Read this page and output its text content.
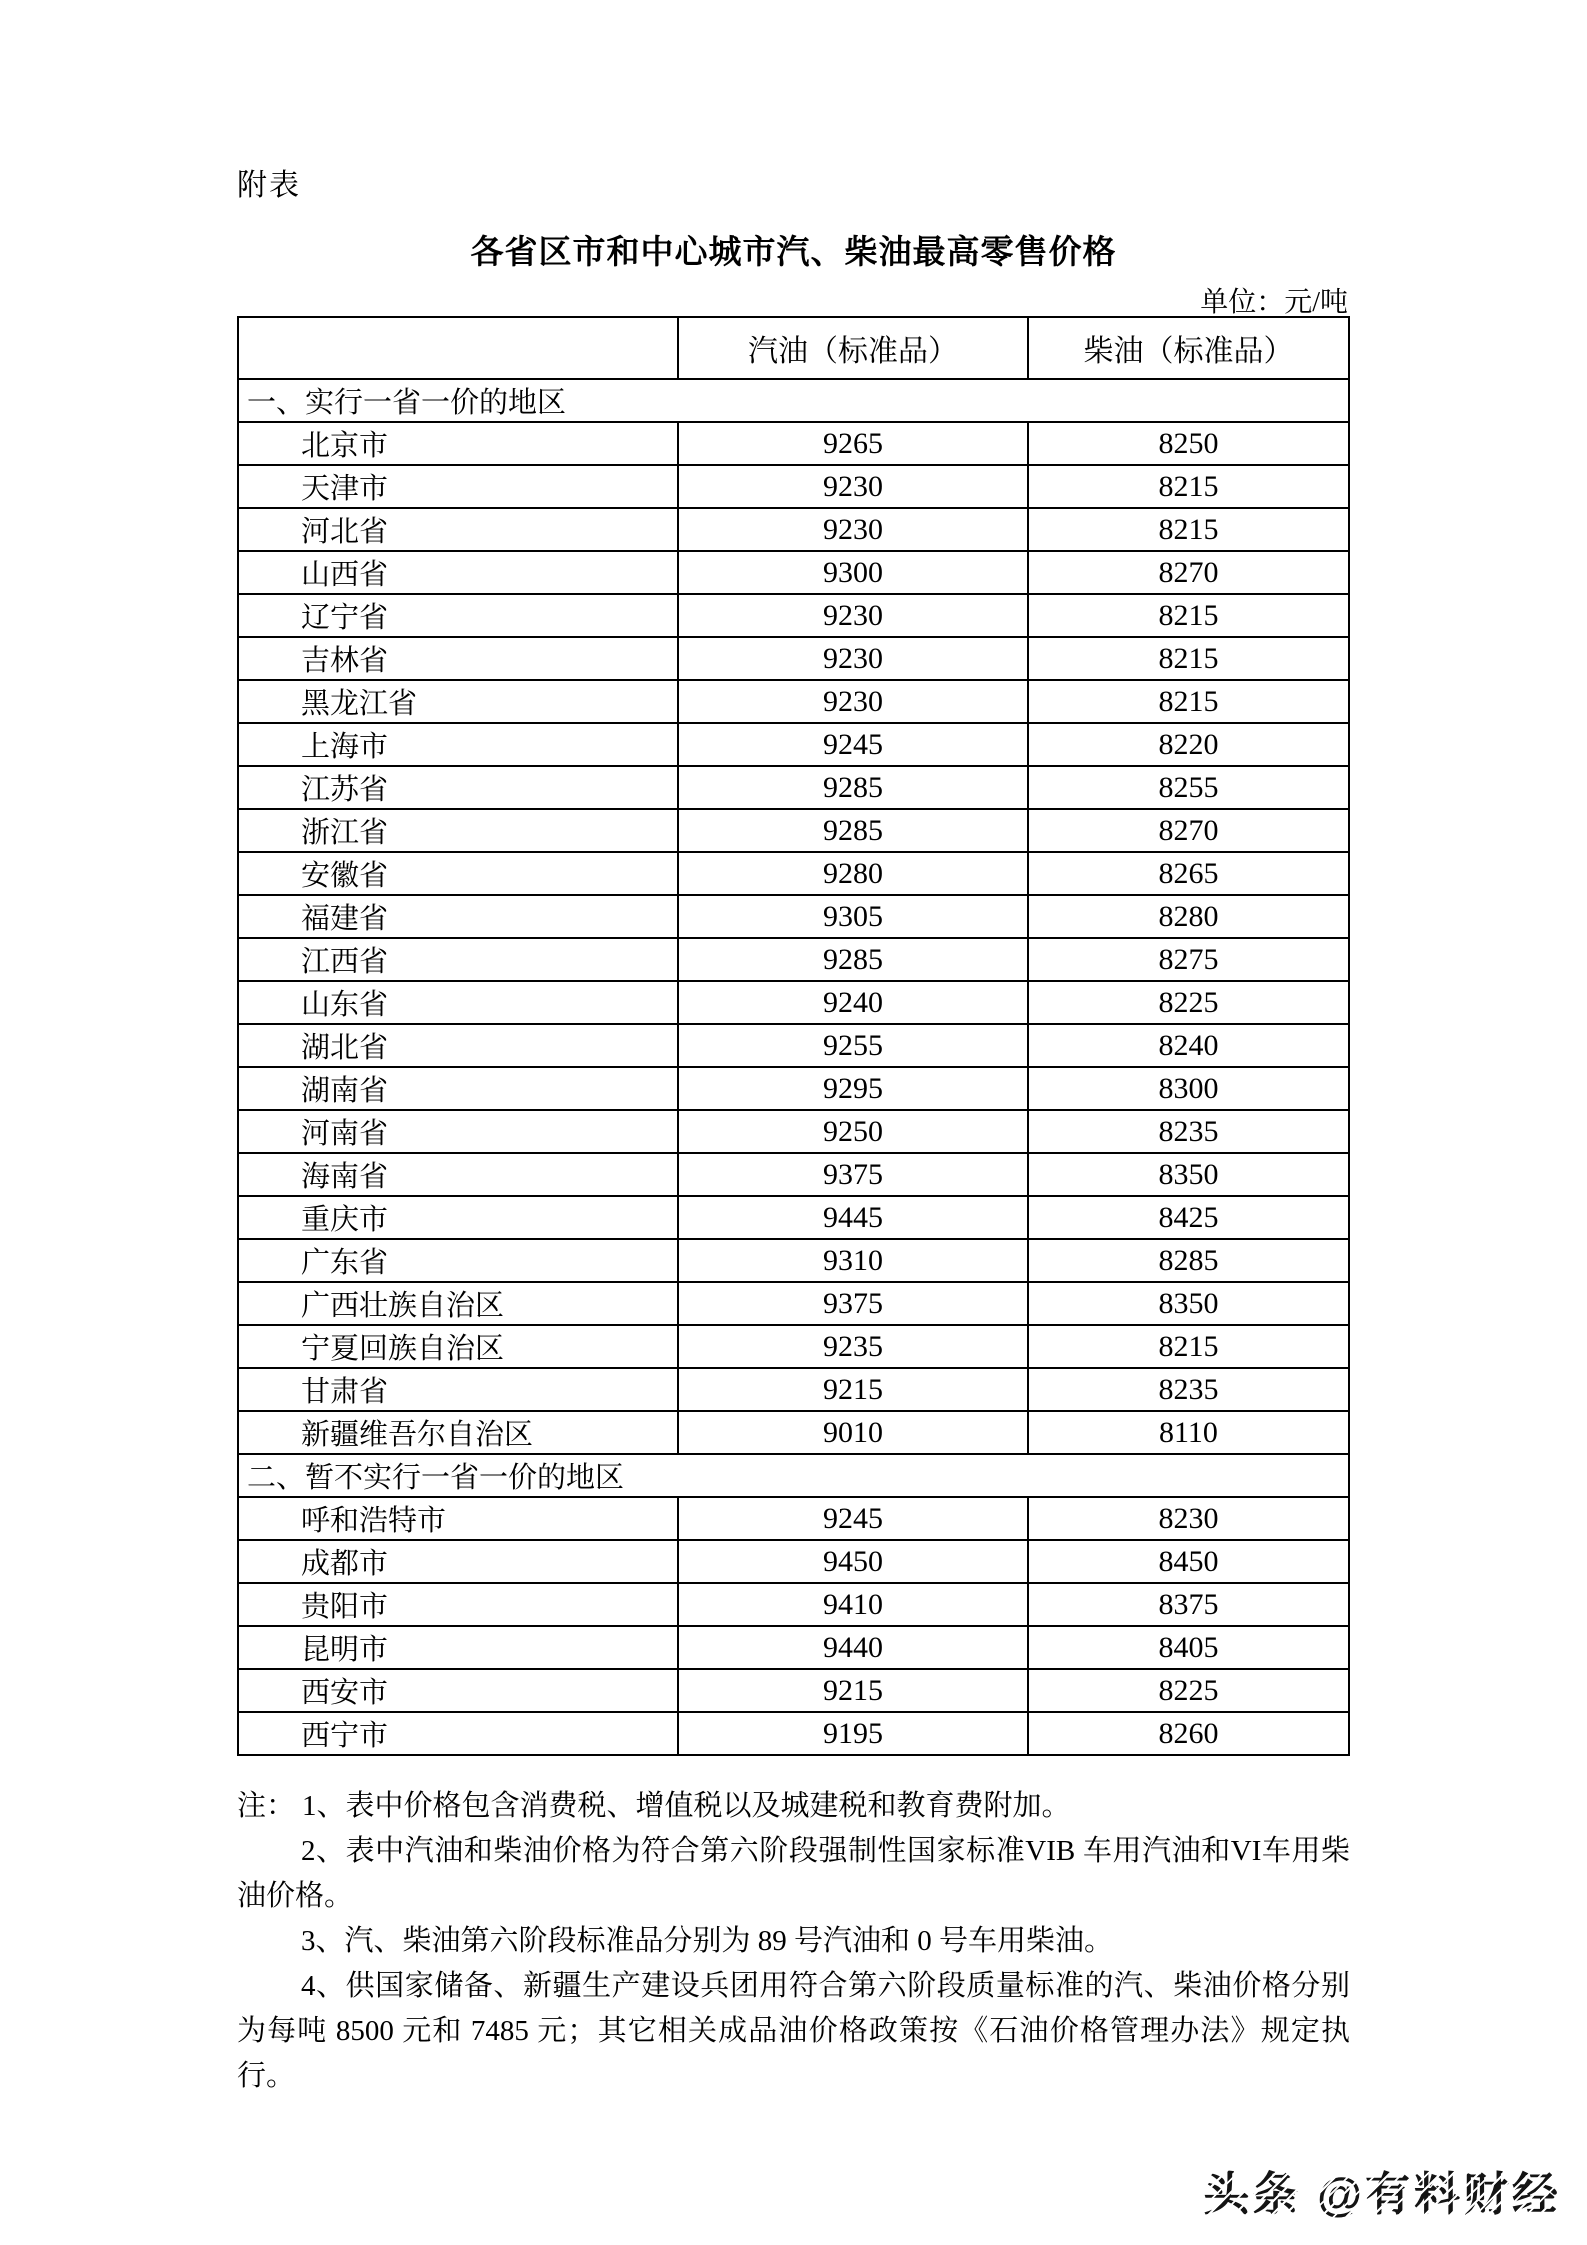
附表
各省区市和中心城市汽、柴油最高零售价格
单位：元/吨
	汽油（标准品）	柴油（标准品）
一、实行一省一价的地区		
北京市	9265	8250
天津市	9230	8215
河北省	9230	8215
山西省	9300	8270
辽宁省	9230	8215
吉林省	9230	8215
黑龙江省	9230	8215
上海市	9245	8220
江苏省	9285	8255
浙江省	9285	8270
安徽省	9280	8265
福建省	9305	8280
江西省	9285	8275
山东省	9240	8225
湖北省	9255	8240
湖南省	9295	8300
河南省	9250	8235
海南省	9375	8350
重庆市	9445	8425
广东省	9310	8285
广西壮族自治区	9375	8350
宁夏回族自治区	9235	8215
甘肃省	9215	8235
新疆维吾尔自治区	9010	8110
二、暂不实行一省一价的地区		
呼和浩特市	9245	8230
成都市	9450	8450
贵阳市	9410	8375
昆明市	9440	8405
西安市	9215	8225
西宁市	9195	8260

注： 1、表中价格包含消费税、增值税以及城建税和教育费附加。

2、表中汽油和柴油价格为符合第六阶段强制性国家标准VIB 车用汽油和VI车用柴油价格。

3、汽、柴油第六阶段标准品分别为 89 号汽油和 0 号车用柴油。

4、供国家储备、新疆生产建设兵团用符合第六阶段质量标准的汽、柴油价格分别为每吨 8500 元和 7485 元；其它相关成品油价格政策按《石油价格管理办法》规定执行。

头条 @有料财经
